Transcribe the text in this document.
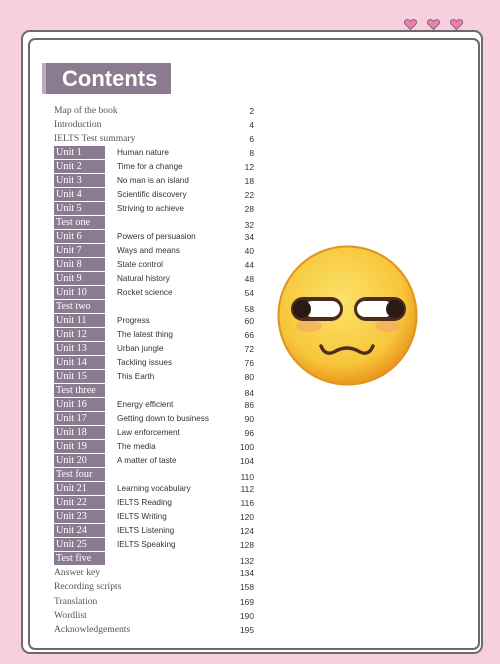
Contents
Map of the book	2
Introduction	4
IELTS Test summary	6
Unit 1	Human nature	8
Unit 2	Time for a change	12
Unit 3	No man is an island	18
Unit 4	Scientific discovery	22
Unit 5	Striving to achieve	28
Test one	32
Unit 6	Powers of persuasion	34
Unit 7	Ways and means	40
Unit 8	State control	44
Unit 9	Natural history	48
Unit 10	Rocket science	54
Test two	58
Unit 11	Progress	60
Unit 12	The latest thing	66
Unit 13	Urban jungle	72
Unit 14	Tackling issues	76
Unit 15	This Earth	80
Test three	84
Unit 16	Energy efficient	86
Unit 17	Getting down to business	90
Unit 18	Law enforcement	96
Unit 19	The media	100
Unit 20	A matter of taste	104
Test four	110
Unit 21	Learning vocabulary	112
Unit 22	IELTS Reading	116
Unit 23	IELTS Writing	120
Unit 24	IELTS Listening	124
Unit 25	IELTS Speaking	128
Test five	132
Answer key	134
Recording scripts	158
Translation	169
Wordlist	190
Acknowledgements	195
